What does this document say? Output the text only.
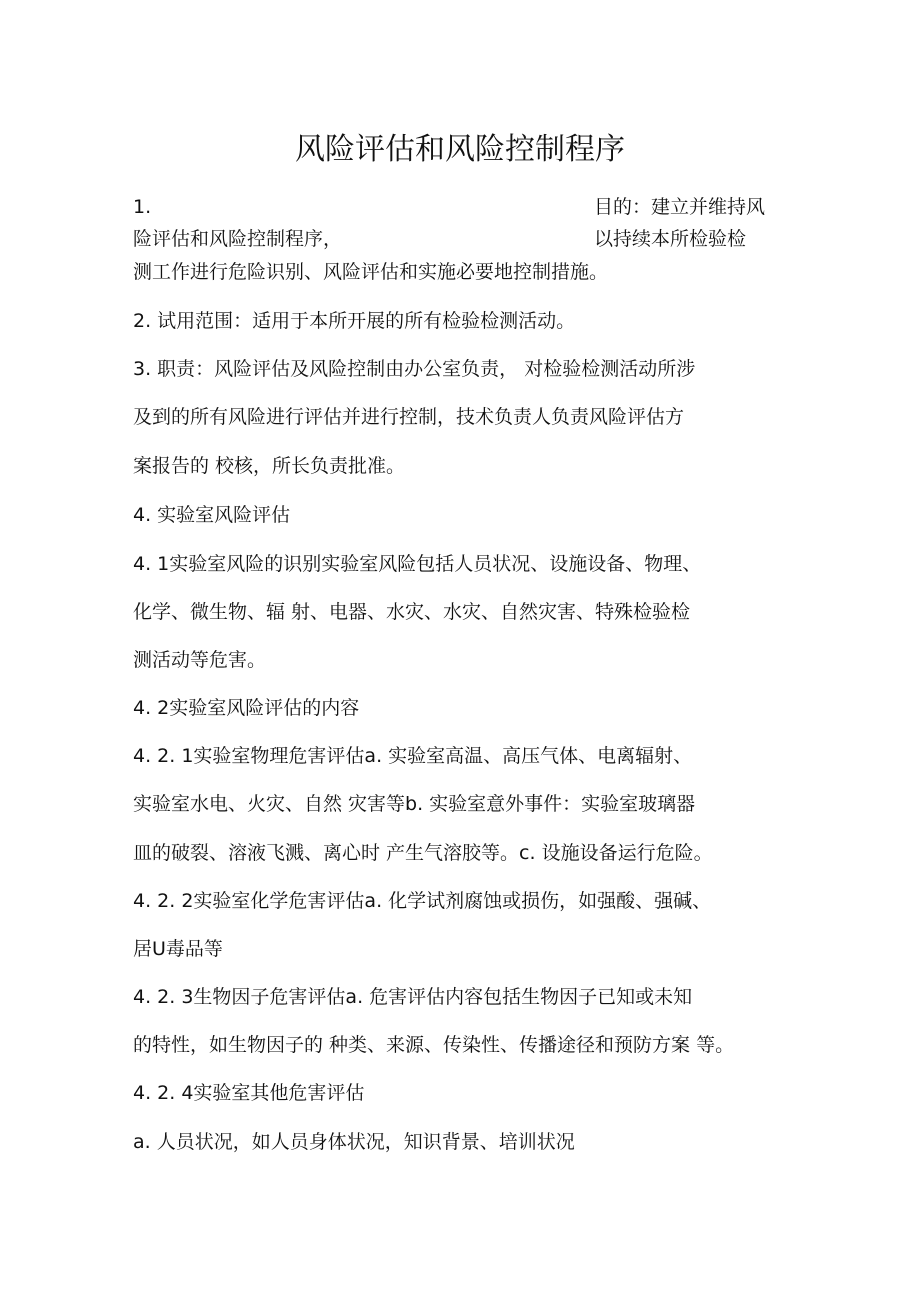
风险评估和风险控制程序
1.	目的：建立并维持风
险评估和风险控制程序，	以持续本所检验检
测工作进行危险识别、风险评估和实施必要地控制措施。
2. 试用范围：适用于本所开展的所有检验检测活动。
3. 职责：风险评估及风险控制由办公室负责， 对检验检测活动所涉
及到的所有风险进行评估并进行控制，技术负责人负责风险评估方
案报告的 校核，所长负责批准。
4. 实验室风险评估
4. 1实验室风险的识别实验室风险包括人员状况、设施设备、物理、
化学、微生物、辐 射、电器、水灾、水灾、自然灾害、特殊检验检
测活动等危害。
4. 2实验室风险评估的内容
4. 2. 1实验室物理危害评估a. 实验室高温、高压气体、电离辐射、
实验室水电、火灾、自然 灾害等b. 实验室意外事件：实验室玻璃器
皿的破裂、溶液飞溅、离心时 产生气溶胶等。c. 设施设备运行危险。
4. 2. 2实验室化学危害评估a. 化学试剂腐蚀或损伤，如强酸、强碱、
居U毒品等
4. 2. 3生物因子危害评估a. 危害评估内容包括生物因子已知或未知
的特性，如生物因子的 种类、来源、传染性、传播途径和预防方案 等。
4. 2. 4实验室其他危害评估
a. 人员状况，如人员身体状况，知识背景、培训状况
